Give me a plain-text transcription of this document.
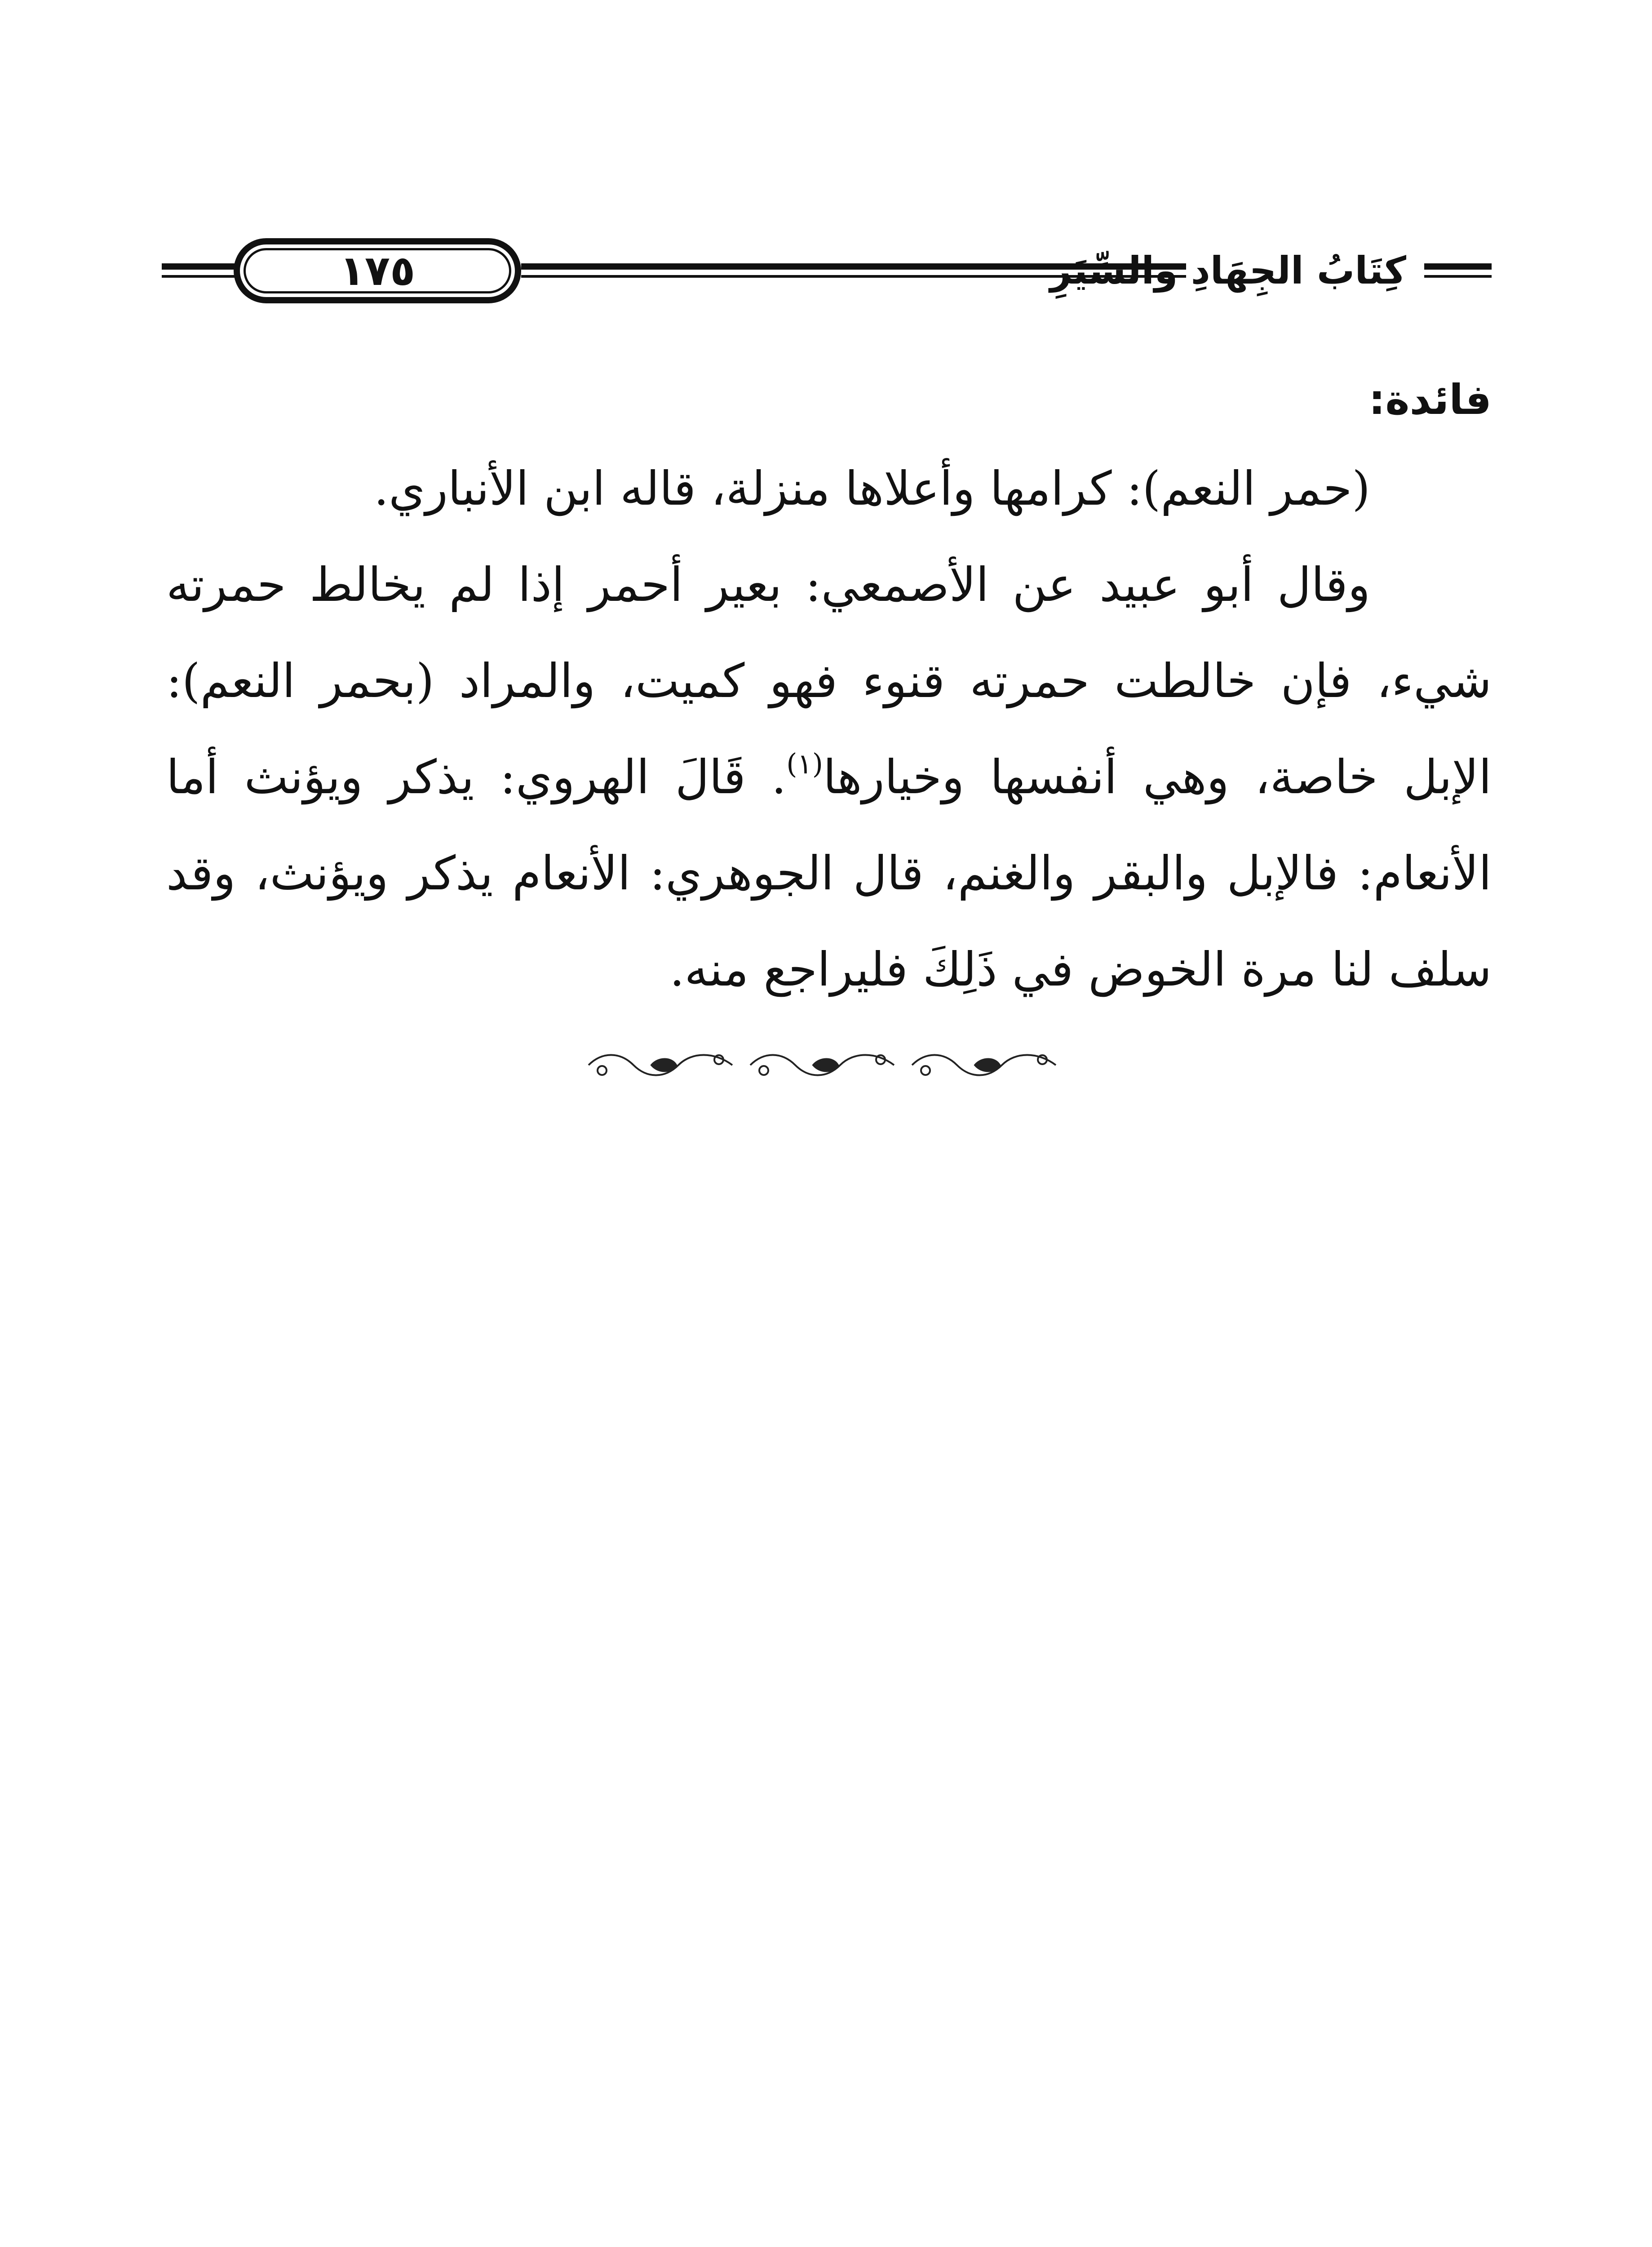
١٧٥	كِتَابُ الجِهَادِ وَالسِّيَرِ

فائدة:

(حمر النعم): كرامها وأعلاها منزلة، قاله ابن الأنباري.

وقال أبو عبيد عن الأصمعي: بعير أحمر إذا لم يخالط حمرته شيء، فإن خالطت حمرته قنوء فهو كميت، والمراد (بحمر النعم): الإبل خاصة، وهي أنفسها وخيارها$^{(١)}$. قَالَ الهروي: يذكر ويؤنث أما الأنعام: فالإبل والبقر والغنم، قال الجوهري: الأنعام يذكر ويؤنث، وقد سلف لنا مرة الخوض في ذَلِكَ فليراجع منه.
